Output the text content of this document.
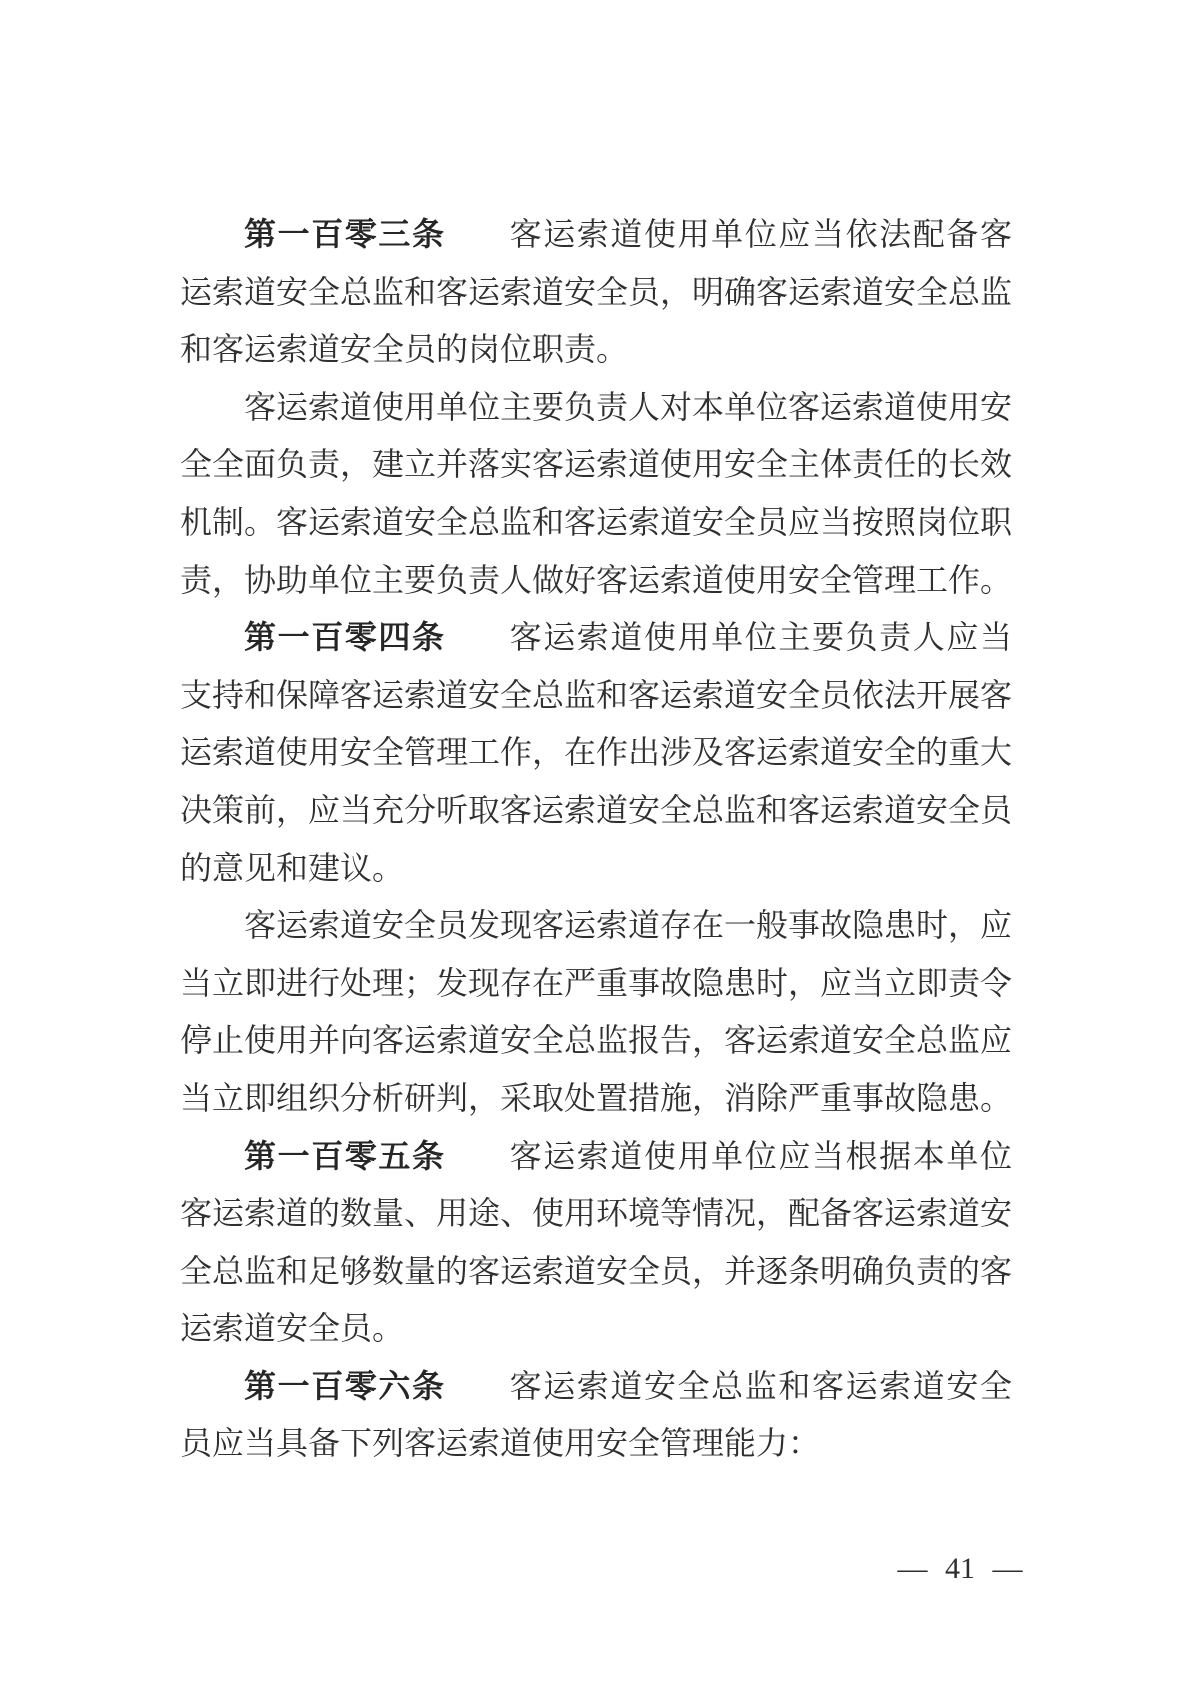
第一百零三条 客运索道使用单位应当依法配备客运索道安全总监和客运索道安全员，明确客运索道安全总监和客运索道安全员的岗位职责。

客运索道使用单位主要负责人对本单位客运索道使用安全全面负责，建立并落实客运索道使用安全主体责任的长效机制。客运索道安全总监和客运索道安全员应当按照岗位职责，协助单位主要负责人做好客运索道使用安全管理工作。

第一百零四条 客运索道使用单位主要负责人应当支持和保障客运索道安全总监和客运索道安全员依法开展客运索道使用安全管理工作，在作出涉及客运索道安全的重大决策前，应当充分听取客运索道安全总监和客运索道安全员的意见和建议。

客运索道安全员发现客运索道存在一般事故隐患时，应当立即进行处理；发现存在严重事故隐患时，应当立即责令停止使用并向客运索道安全总监报告，客运索道安全总监应当立即组织分析研判，采取处置措施，消除严重事故隐患。

第一百零五条 客运索道使用单位应当根据本单位客运索道的数量、用途、使用环境等情况，配备客运索道安全总监和足够数量的客运索道安全员，并逐条明确负责的客运索道安全员。

第一百零六条 客运索道安全总监和客运索道安全员应当具备下列客运索道使用安全管理能力：

— 41 —
